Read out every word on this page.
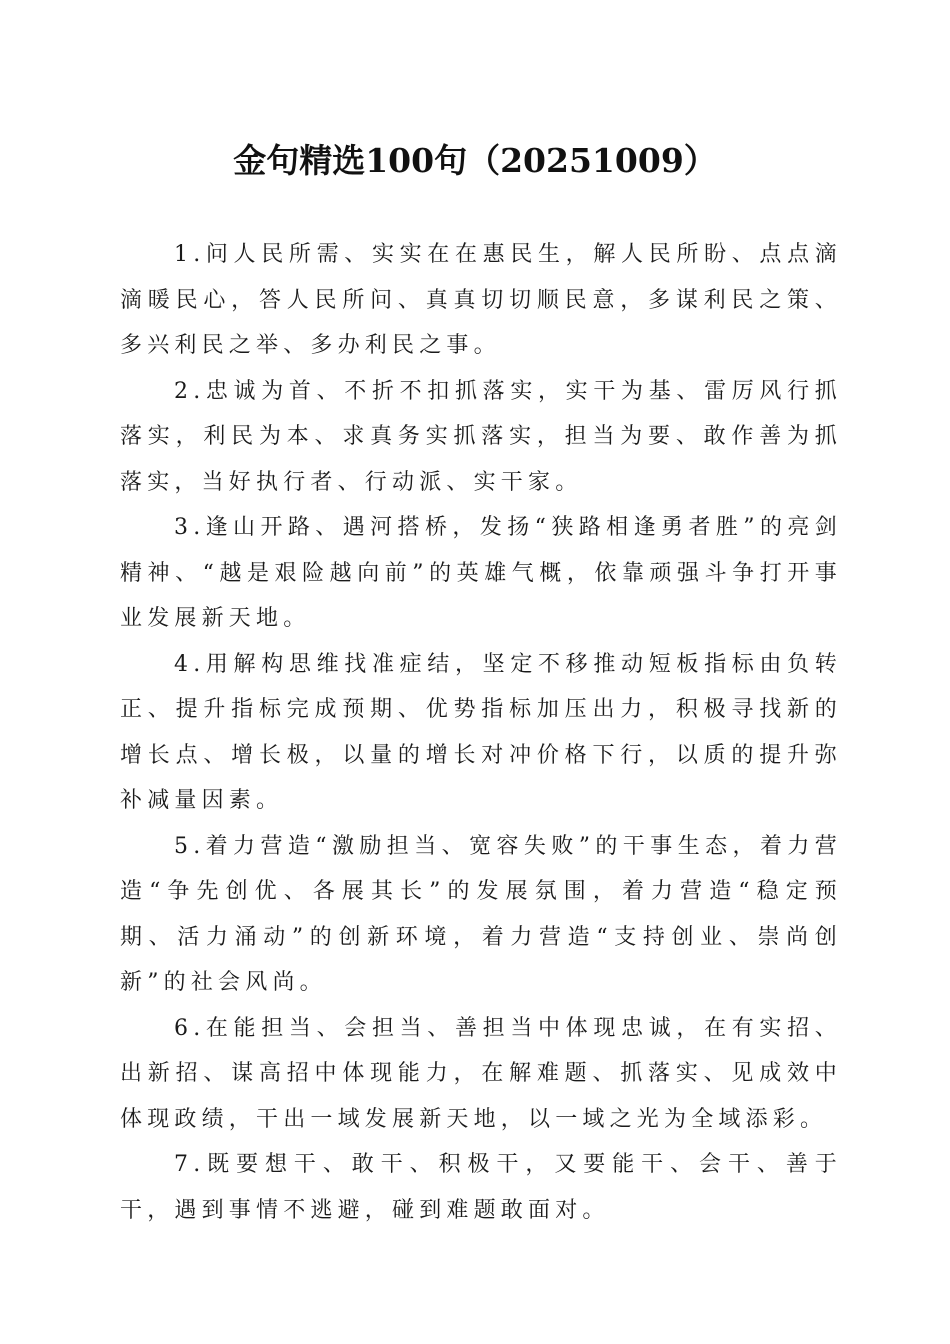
金句精选100句（20251009）

1.问人民所需、实实在在惠民生，解人民所盼、点点滴滴暖民心，答人民所问、真真切切顺民意，多谋利民之策、多兴利民之举、多办利民之事。

2.忠诚为首、不折不扣抓落实，实干为基、雷厉风行抓落实，利民为本、求真务实抓落实，担当为要、敢作善为抓落实，当好执行者、行动派、实干家。

3.逢山开路、遇河搭桥，发扬“狭路相逢勇者胜”的亮剑精神、“越是艰险越向前”的英雄气概，依靠顽强斗争打开事业发展新天地。

4.用解构思维找准症结，坚定不移推动短板指标由负转正、提升指标完成预期、优势指标加压出力，积极寻找新的增长点、增长极，以量的增长对冲价格下行，以质的提升弥补减量因素。

5.着力营造“激励担当、宽容失败”的干事生态，着力营造“争先创优、各展其长”的发展氛围，着力营造“稳定预期、活力涌动”的创新环境，着力营造“支持创业、崇尚创新”的社会风尚。

6.在能担当、会担当、善担当中体现忠诚，在有实招、出新招、谋高招中体现能力，在解难题、抓落实、见成效中体现政绩，干出一域发展新天地，以一域之光为全域添彩。

7.既要想干、敢干、积极干，又要能干、会干、善于干，遇到事情不逃避，碰到难题敢面对。
